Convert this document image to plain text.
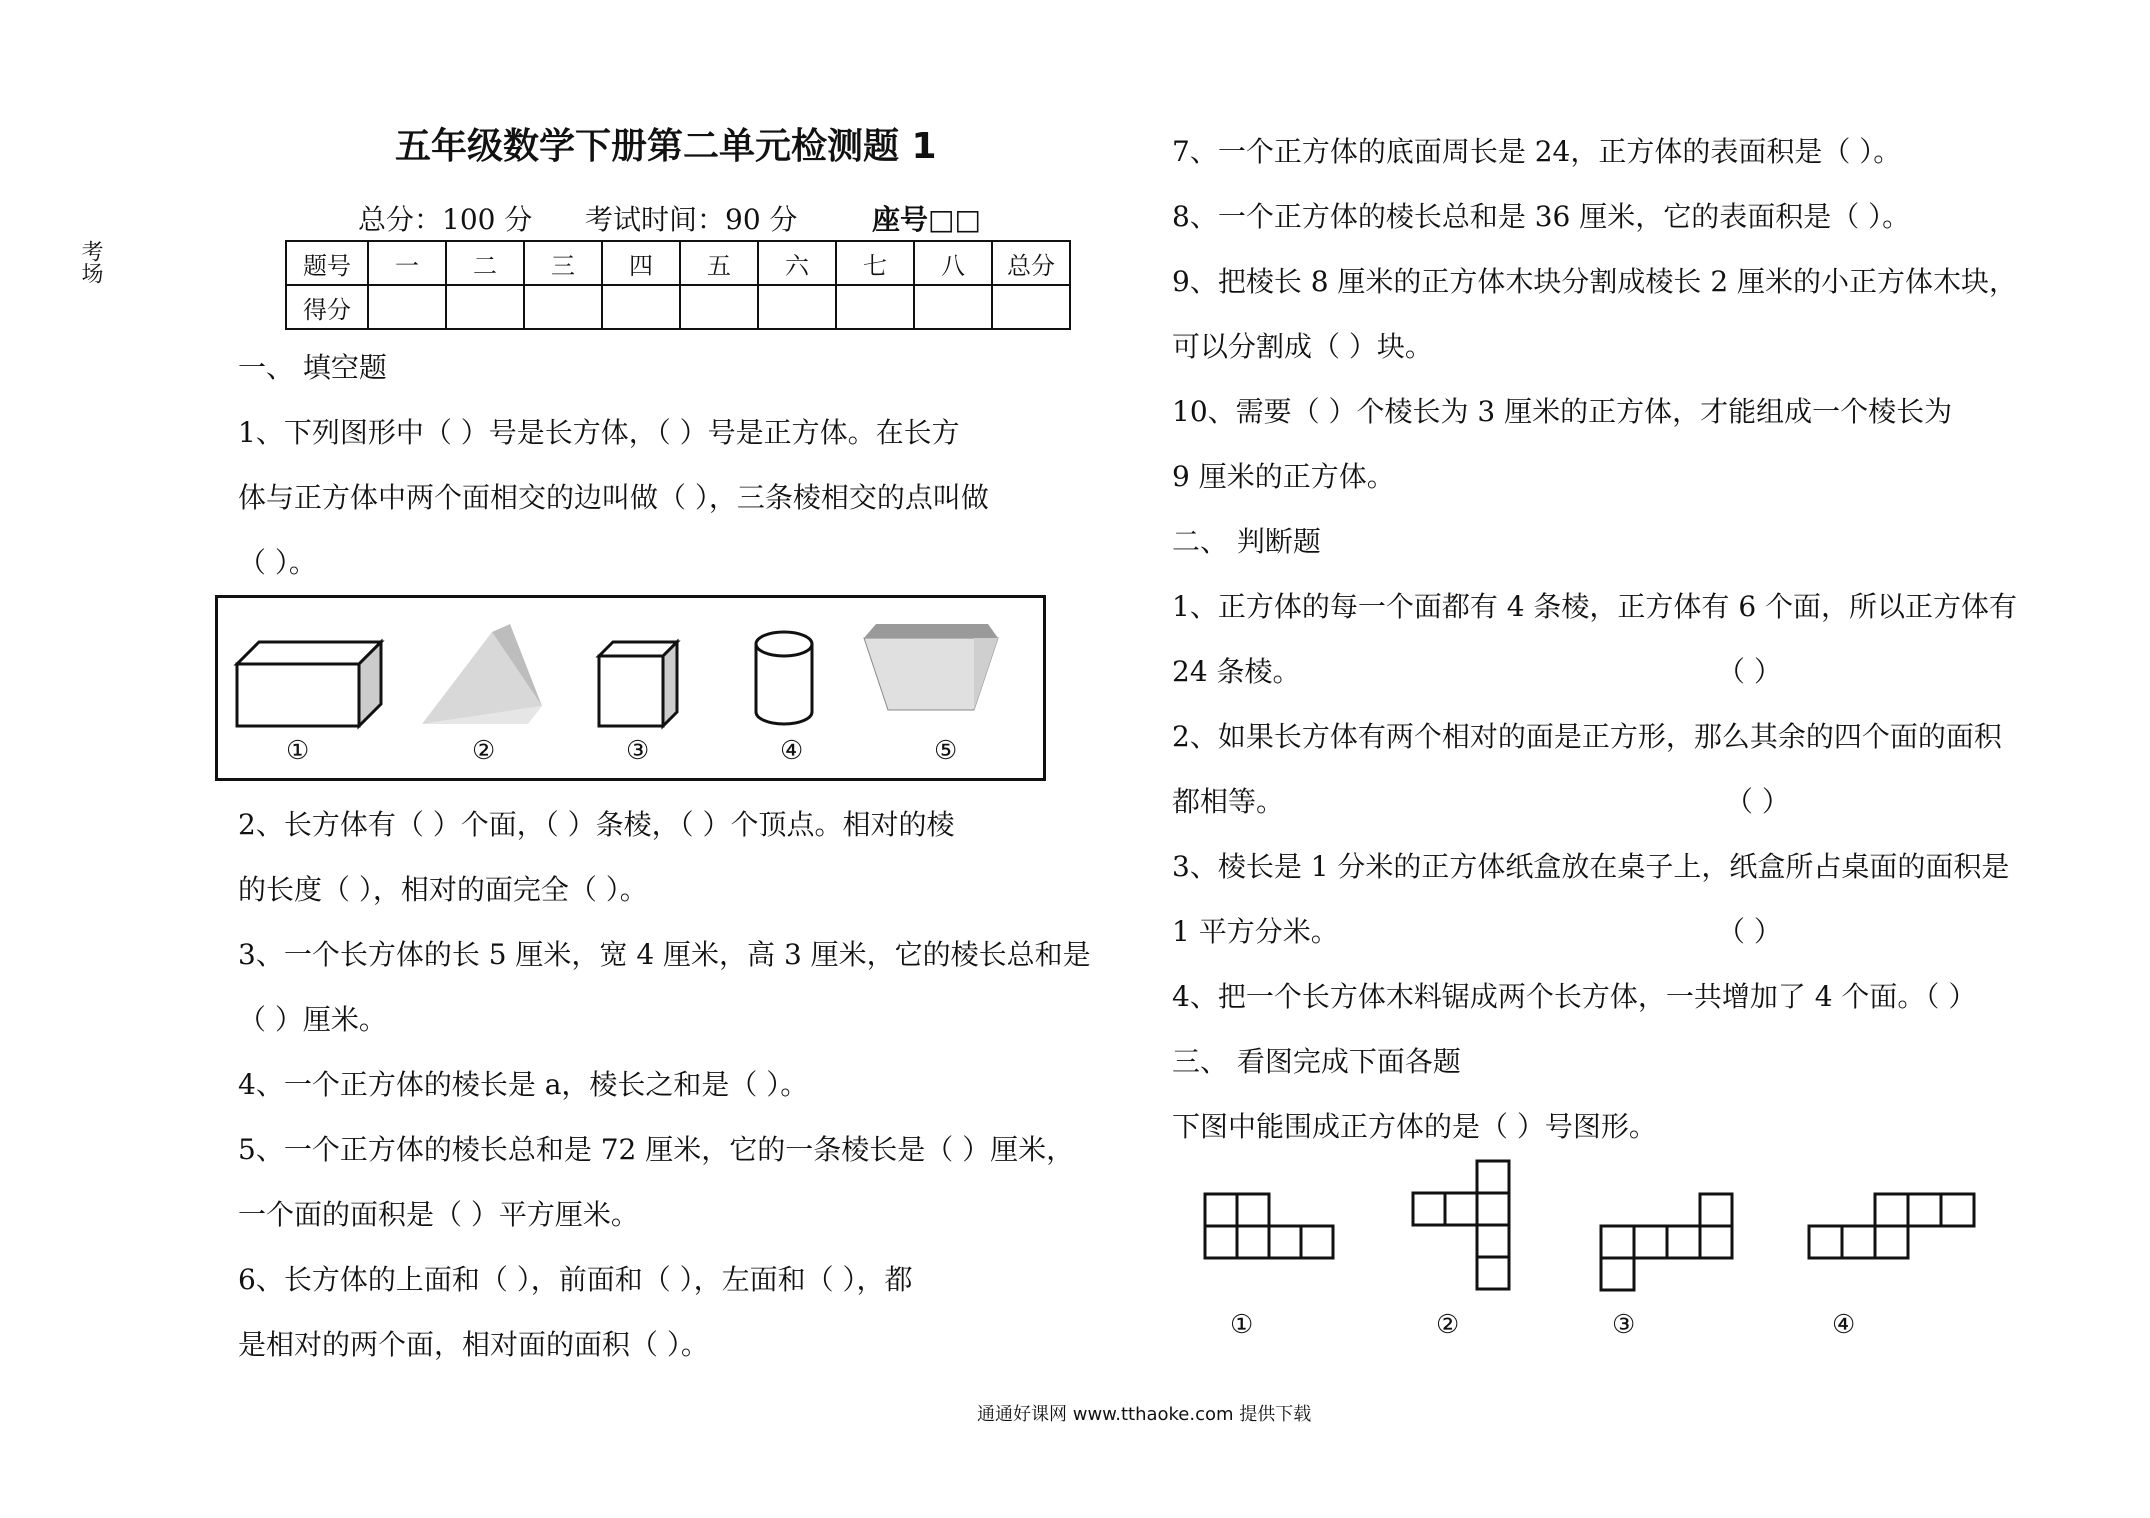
考场
五年级数学下册第二单元检测题 1
总分：100 分 考试时间：90 分	座号□□
题号	一	二	三	四	五	六	七	八	总分
得分									
一、 填空题
1、下列图形中（ ）号是长方体，（ ）号是正方体。在长方
体与正方体中两个面相交的边叫做（ ），三条棱相交的点叫做
（ ）。
①	②	③	④	⑤
2、长方体有（ ）个面，（ ）条棱，（ ）个顶点。相对的棱
的长度（ ），相对的面完全（ ）。
3、一个长方体的长 5 厘米，宽 4 厘米，高 3 厘米，它的棱长总和是
（ ）厘米。
4、一个正方体的棱长是 a，棱长之和是（ ）。
5、一个正方体的棱长总和是 72 厘米，它的一条棱长是（ ）厘米，
一个面的面积是（ ）平方厘米。
6、长方体的上面和（ ），前面和（ ），左面和（ ），都
是相对的两个面，相对面的面积（ ）。
7、一个正方体的底面周长是 24，正方体的表面积是（ ）。
8、一个正方体的棱长总和是 36 厘米，它的表面积是（ ）。
9、把棱长 8 厘米的正方体木块分割成棱长 2 厘米的小正方体木块，
可以分割成（ ）块。
10、需要（ ）个棱长为 3 厘米的正方体，才能组成一个棱长为
9 厘米的正方体。
二、 判断题
1、正方体的每一个面都有 4 条棱，正方体有 6 个面，所以正方体有
24 条棱。	（ ）
2、如果长方体有两个相对的面是正方形，那么其余的四个面的面积
都相等。	（ ）
3、棱长是 1 分米的正方体纸盒放在桌子上，纸盒所占桌面的面积是
1 平方分米。	（ ）
4、把一个长方体木料锯成两个长方体，一共增加了 4 个面。（ ）
三、 看图完成下面各题
下图中能围成正方体的是（ ）号图形。
①	②	③	④
通通好课网 www.tthaoke.com 提供下载
